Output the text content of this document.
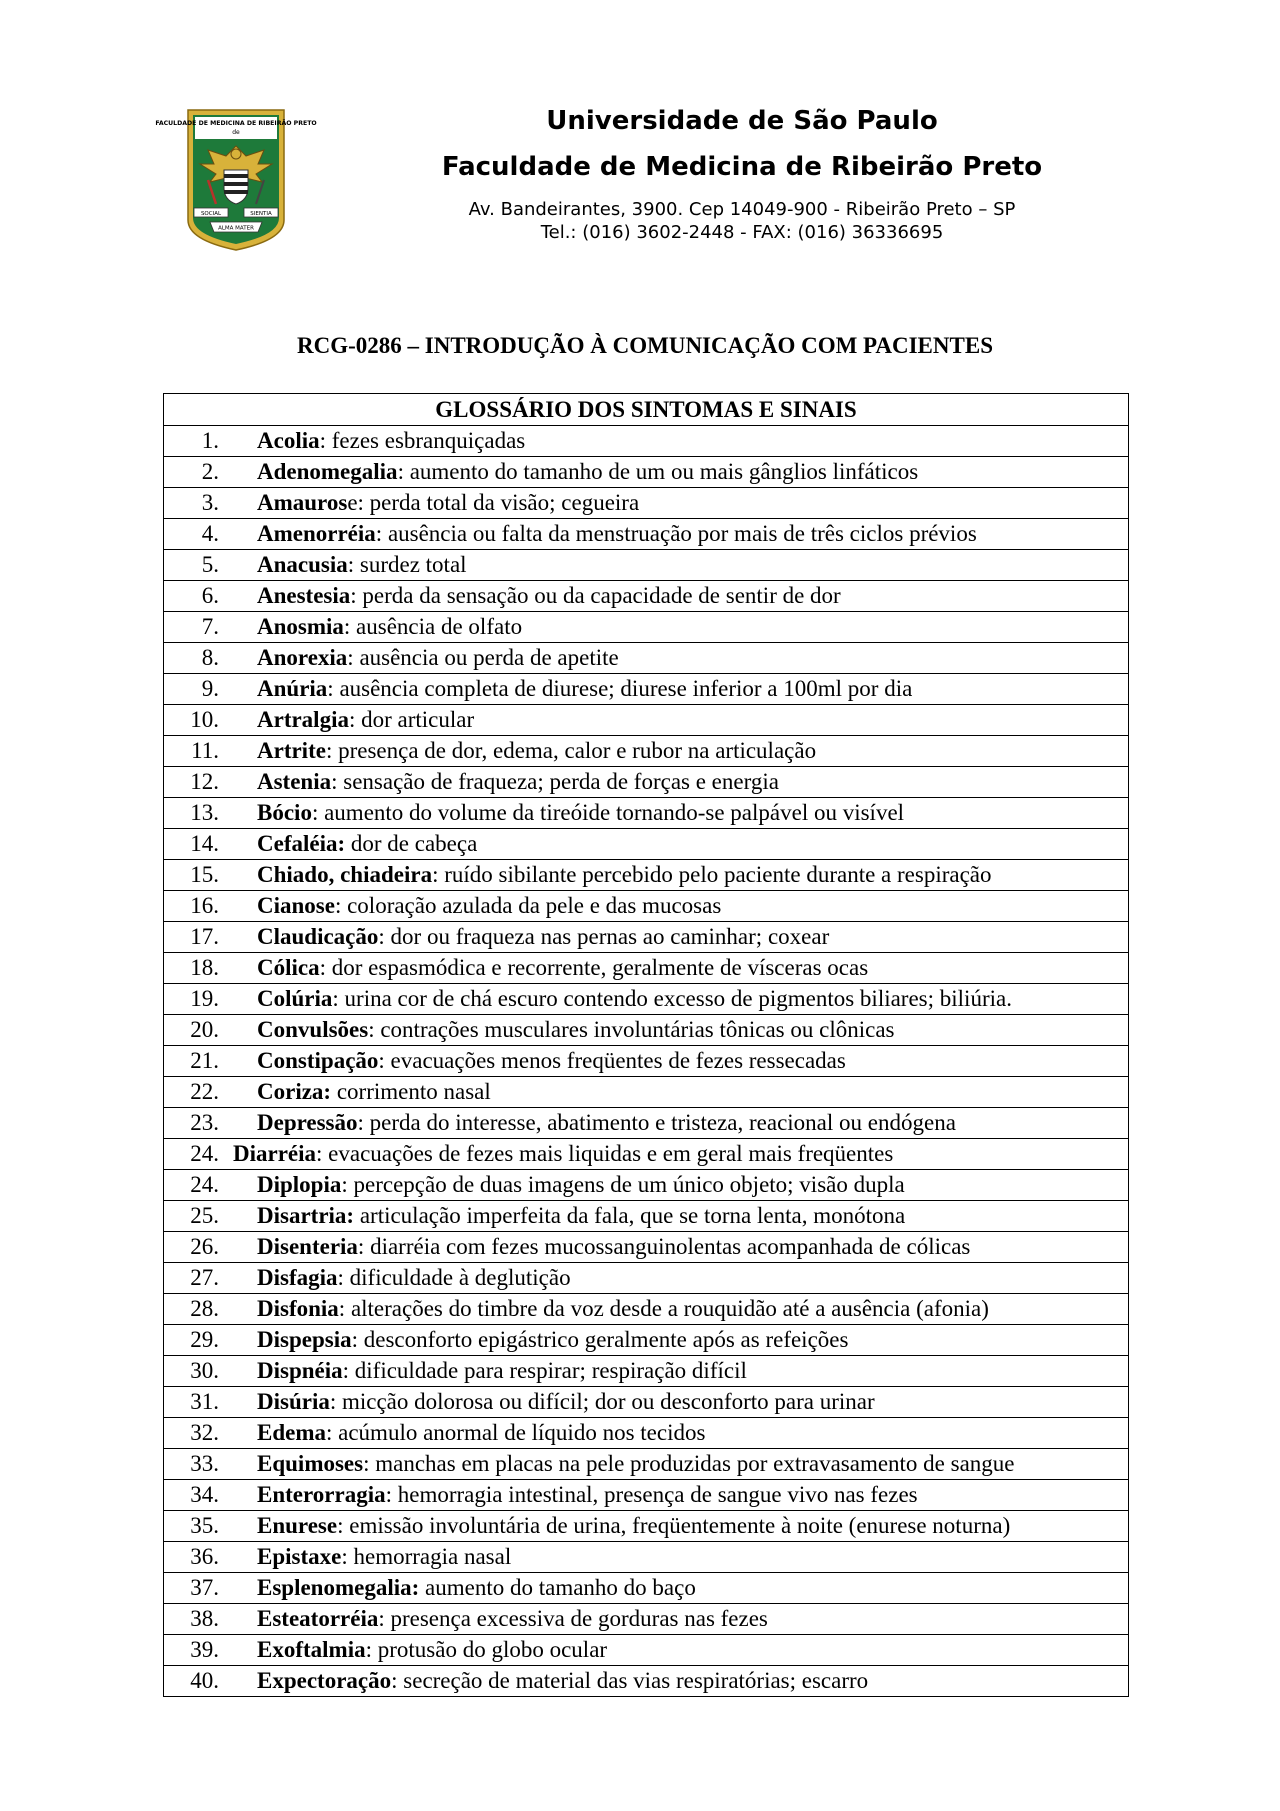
FACULDADE DE MEDICINA DE RIBEIRÃO PRETO
de
SOCIAL	SIENTIA
ALMA MATER
Universidade de São Paulo
Faculdade de Medicina de Ribeirão Preto
Av. Bandeirantes, 3900. Cep 14049-900 - Ribeirão Preto – SP
Tel.: (016) 3602-2448 - FAX: (016) 36336695
RCG-0286 – INTRODUÇÃO À COMUNICAÇÃO COM PACIENTES
GLOSSÁRIO DOS SINTOMAS E SINAIS
1. Acolia: fezes esbranquiçadas
2. Adenomegalia: aumento do tamanho de um ou mais gânglios linfáticos
3. Amaurose: perda total da visão; cegueira
4. Amenorréia: ausência ou falta da menstruação por mais de três ciclos prévios
5. Anacusia: surdez total
6. Anestesia: perda da sensação ou da capacidade de sentir de dor
7. Anosmia: ausência de olfato
8. Anorexia: ausência ou perda de apetite
9. Anúria: ausência completa de diurese; diurese inferior a 100ml por dia
10. Artralgia: dor articular
11. Artrite: presença de dor, edema, calor e rubor na articulação
12. Astenia: sensação de fraqueza; perda de forças e energia
13. Bócio: aumento do volume da tireóide tornando-se palpável ou visível
14. Cefaléia: dor de cabeça
15. Chiado, chiadeira: ruído sibilante percebido pelo paciente durante a respiração
16. Cianose: coloração azulada da pele e das mucosas
17. Claudicação: dor ou fraqueza nas pernas ao caminhar; coxear
18. Cólica: dor espasmódica e recorrente, geralmente de vísceras ocas
19. Colúria: urina cor de chá escuro contendo excesso de pigmentos biliares; biliúria.
20. Convulsões: contrações musculares involuntárias tônicas ou clônicas
21. Constipação: evacuações menos freqüentes de fezes ressecadas
22. Coriza: corrimento nasal
23. Depressão: perda do interesse, abatimento e tristeza, reacional ou endógena
24. Diarréia: evacuações de fezes mais liquidas e em geral mais freqüentes
24. Diplopia: percepção de duas imagens de um único objeto; visão dupla
25. Disartria: articulação imperfeita da fala, que se torna lenta, monótona
26. Disenteria: diarréia com fezes mucossanguinolentas acompanhada de cólicas
27. Disfagia: dificuldade à deglutição
28. Disfonia: alterações do timbre da voz desde a rouquidão até a ausência (afonia)
29. Dispepsia: desconforto epigástrico geralmente após as refeições
30. Dispnéia: dificuldade para respirar; respiração difícil
31. Disúria: micção dolorosa ou difícil; dor ou desconforto para urinar
32. Edema: acúmulo anormal de líquido nos tecidos
33. Equimoses: manchas em placas na pele produzidas por extravasamento de sangue
34. Enterorragia: hemorragia intestinal, presença de sangue vivo nas fezes
35. Enurese: emissão involuntária de urina, freqüentemente à noite (enurese noturna)
36. Epistaxe: hemorragia nasal
37. Esplenomegalia: aumento do tamanho do baço
38. Esteatorréia: presença excessiva de gorduras nas fezes
39. Exoftalmia: protusão do globo ocular
40. Expectoração: secreção de material das vias respiratórias; escarro
